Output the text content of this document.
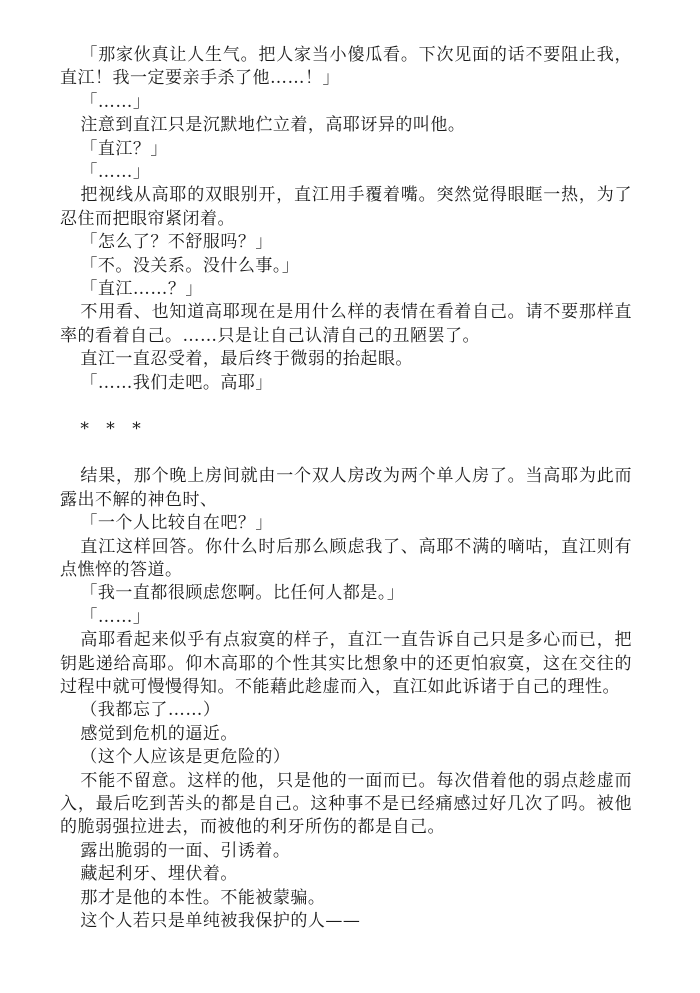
「那家伙真让人生气。把人家当小傻瓜看。下次见面的话不要阻止我，直江！我一定要亲手杀了他……！」

「……」

注意到直江只是沉默地伫立着，高耶讶异的叫他。

「直江？」

「……」

把视线从高耶的双眼别开，直江用手覆着嘴。突然觉得眼眶一热，为了忍住而把眼帘紧闭着。

「怎么了？不舒服吗？」

「不。没关系。没什么事。」

「直江……？」

不用看、也知道高耶现在是用什么样的表情在看着自己。请不要那样直率的看着自己。……只是让自己认清自己的丑陋罢了。

直江一直忍受着，最后终于微弱的抬起眼。

「……我们走吧。高耶」

* * *

结果，那个晚上房间就由一个双人房改为两个单人房了。当高耶为此而露出不解的神色时、

「一个人比较自在吧？」

直江这样回答。你什么时后那么顾虑我了、高耶不满的嘀咕，直江则有点憔悴的答道。

「我一直都很顾虑您啊。比任何人都是。」

「……」

高耶看起来似乎有点寂寞的样子，直江一直告诉自己只是多心而已，把钥匙递给高耶。仰木高耶的个性其实比想象中的还更怕寂寞，这在交往的过程中就可慢慢得知。不能藉此趁虚而入，直江如此诉诸于自己的理性。

（我都忘了……）

感觉到危机的逼近。

（这个人应该是更危险的）

不能不留意。这样的他，只是他的一面而已。每次借着他的弱点趁虚而入，最后吃到苦头的都是自己。这种事不是已经痛感过好几次了吗。被他的脆弱强拉进去，而被他的利牙所伤的都是自己。

露出脆弱的一面、引诱着。

藏起利牙、埋伏着。

那才是他的本性。不能被蒙骗。

这个人若只是单纯被我保护的人——
